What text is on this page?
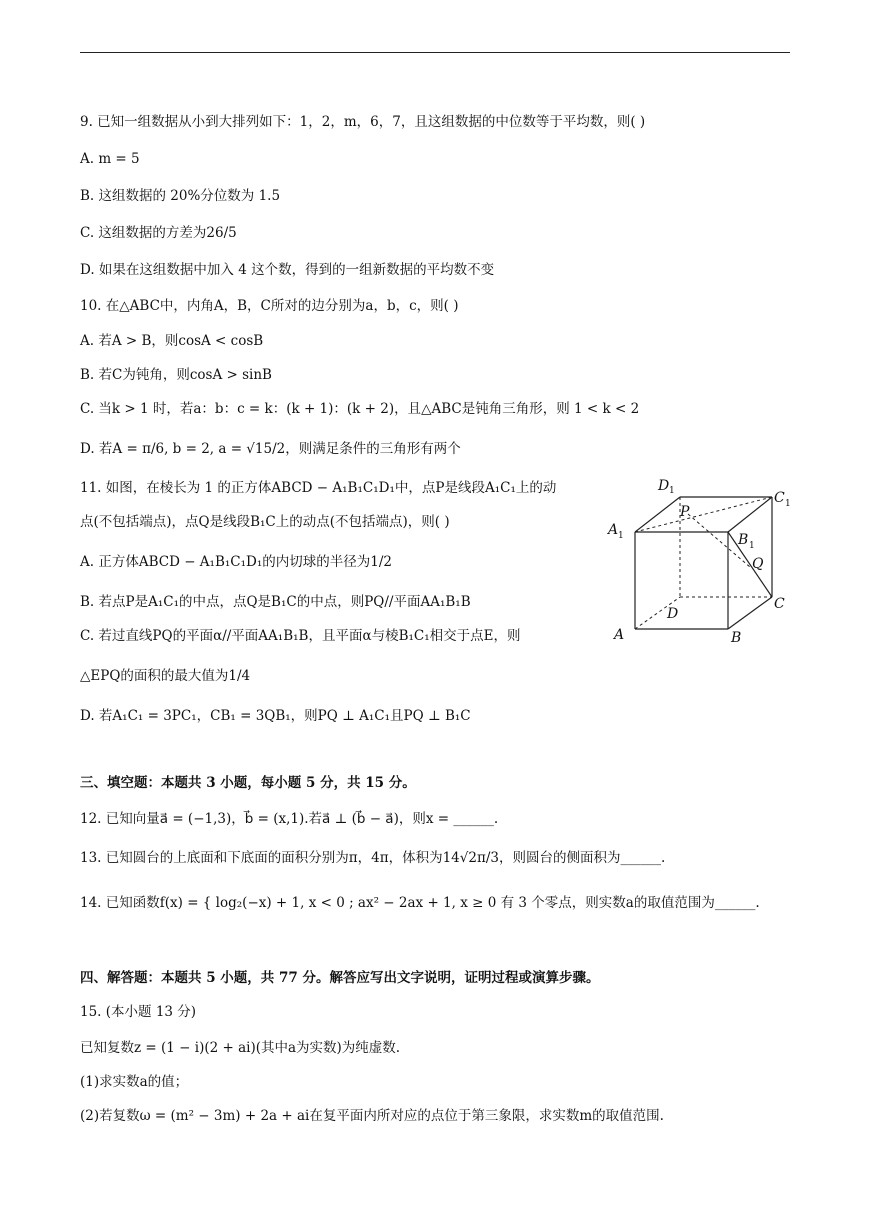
9. 已知一组数据从小到大排列如下：1，2，m，6，7，且这组数据的中位数等于平均数，则( )
A. m = 5
B. 这组数据的 20%分位数为 1.5
C. 这组数据的方差为26/5
D. 如果在这组数据中加入 4 这个数，得到的一组新数据的平均数不变
10. 在△ABC中，内角A，B，C所对的边分别为a，b，c，则( )
A. 若A > B，则cosA < cosB
B. 若C为钝角，则cosA > sinB
C. 当k > 1 时，若a：b：c = k：(k + 1)：(k + 2)，且△ABC是钝角三角形，则 1 < k < 2
D. 若A = π/6, b = 2, a = √15/2，则满足条件的三角形有两个
11. 如图，在棱长为 1 的正方体ABCD − A₁B₁C₁D₁中，点P是线段A₁C₁上的动
点(不包括端点)，点Q是线段B₁C上的动点(不包括端点)，则( )
A. 正方体ABCD − A₁B₁C₁D₁的内切球的半径为1/2
B. 若点P是A₁C₁的中点，点Q是B₁C的中点，则PQ//平面AA₁B₁B
C. 若过直线PQ的平面α//平面AA₁B₁B，且平面α与棱B₁C₁相交于点E，则
△EPQ的面积的最大值为1/4
D. 若A₁C₁ = 3PC₁，CB₁ = 3QB₁，则PQ ⊥ A₁C₁且PQ ⊥ B₁C
三、填空题：本题共 3 小题，每小题 5 分，共 15 分。
12. 已知向量a⃗ = (−1,3)，b⃗ = (x,1).若a⃗ ⊥ (b⃗ − a⃗)，则x = ______.
13. 已知圆台的上底面和下底面的面积分别为π，4π，体积为14√2π/3，则圆台的侧面积为______.
14. 已知函数f(x) = { log₂(−x) + 1, x < 0 ; ax² − 2ax + 1, x ≥ 0 有 3 个零点，则实数a的取值范围为______.
四、解答题：本题共 5 小题，共 77 分。解答应写出文字说明，证明过程或演算步骤。
15. (本小题 13 分)
已知复数z = (1 − i)(2 + ai)(其中a为实数)为纯虚数.
(1)求实数a的值；
(2)若复数ω = (m² − 3m) + 2a + ai在复平面内所对应的点位于第三象限，求实数m的取值范围.
D 1	C 1
A 1
P
B 1
Q
C
D
A	B
